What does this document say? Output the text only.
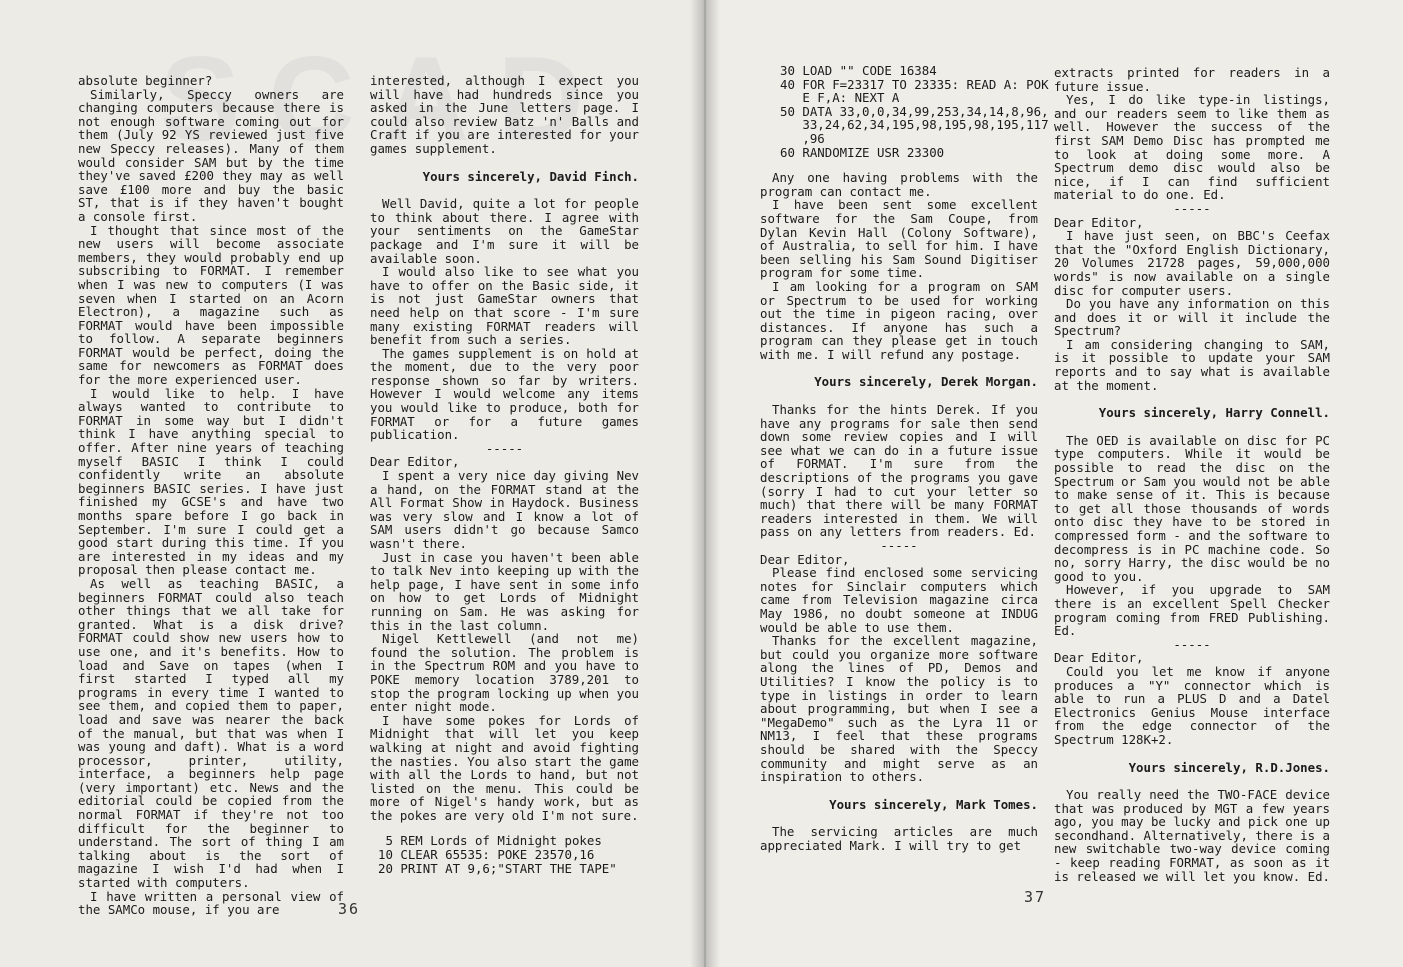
absolute beginner?

Similarly, Speccy owners are changing computers because there is not enough software coming out for them (July 92 YS reviewed just five new Speccy releases). Many of them would consider SAM but by the time they've saved £200 they may as well save £100 more and buy the basic ST, that is if they haven't bought a console first.

I thought that since most of the new users will become associate members, they would probably end up subscribing to FORMAT. I remember when I was new to computers (I was seven when I started on an Acorn Electron), a magazine such as FORMAT would have been impossible to follow. A separate beginners FORMAT would be perfect, doing the same for newcomers as FORMAT does for the more experienced user.

I would like to help. I have always wanted to contribute to FORMAT in some way but I didn't think I have anything special to offer. After nine years of teaching myself BASIC I think I could confidently write an absolute beginners BASIC series. I have just finished my GCSE's and have two months spare before I go back in September. I'm sure I could get a good start during this time. If you are interested in my ideas and my proposal then please contact me.

As well as teaching BASIC, a beginners FORMAT could also teach other things that we all take for granted. What is a disk drive? FORMAT could show new users how to use one, and it's benefits. How to load and Save on tapes (when I first started I typed all my programs in every time I wanted to see them, and copied them to paper, load and save was nearer the back of the manual, but that was when I was young and daft). What is a word processor, printer, utility, interface, a beginners help page (very important) etc. News and the editorial could be copied from the normal FORMAT if they're not too difficult for the beginner to understand. The sort of thing I am talking about is the sort of magazine I wish I'd had when I started with computers.

I have written a personal view of the SAMCo mouse, if you are

interested, although I expect you will have had hundreds since you asked in the June letters page. I could also review Batz 'n' Balls and Craft if you are interested for your games supplement.

Yours sincerely, David Finch.

Well David, quite a lot for people to think about there. I agree with your sentiments on the GameStar package and I'm sure it will be available soon.

I would also like to see what you have to offer on the Basic side, it is not just GameStar owners that need help on that score - I'm sure many existing FORMAT readers will benefit from such a series.

The games supplement is on hold at the moment, due to the very poor response shown so far by writers. However I would welcome any items you would like to produce, both for FORMAT or for a future games publication.

-----

Dear Editor,

I spent a very nice day giving Nev a hand, on the FORMAT stand at the All Format Show in Haydock. Business was very slow and I know a lot of SAM users didn't go because Samco wasn't there.

Just in case you haven't been able to talk Nev into keeping up with the help page, I have sent in some info on how to get Lords of Midnight running on Sam. He was asking for this in the last column.

Nigel Kettlewell (and not me) found the solution. The problem is in the Spectrum ROM and you have to POKE memory location 3789,201 to stop the program locking up when you enter night mode.

I have some pokes for Lords of Midnight that will let you keep walking at night and avoid fighting the nasties. You also start the game with all the Lords to hand, but not listed on the menu. This could be more of Nigel's handy work, but as the pokes are very old I'm not sure.

5 REM Lords of Midnight pokes
10 CLEAR 65535: POKE 23570,16
20 PRINT AT 9,6;"START THE TAPE"

36

30 LOAD "" CODE 16384
40 FOR F=23317 TO 23335: READ A: POK
E F,A: NEXT A
50 DATA 33,0,0,34,99,253,34,14,8,96,
33,24,62,34,195,98,195,98,195,117
,96
60 RANDOMIZE USR 23300

Any one having problems with the program can contact me.

I have been sent some excellent software for the Sam Coupe, from Dylan Kevin Hall (Colony Software), of Australia, to sell for him. I have been selling his Sam Sound Digitiser program for some time.

I am looking for a program on SAM or Spectrum to be used for working out the time in pigeon racing, over distances. If anyone has such a program can they please get in touch with me. I will refund any postage.

Yours sincerely, Derek Morgan.

Thanks for the hints Derek. If you have any programs for sale then send down some review copies and I will see what we can do in a future issue of FORMAT. I'm sure from the descriptions of the programs you gave (sorry I had to cut your letter so much) that there will be many FORMAT readers interested in them. We will pass on any letters from readers. Ed.

-----

Dear Editor,

Please find enclosed some servicing notes for Sinclair computers which came from Television magazine circa May 1986, no doubt someone at INDUG would be able to use them.

Thanks for the excellent magazine, but could you organize more software along the lines of PD, Demos and Utilities? I know the policy is to type in listings in order to learn about programming, but when I see a "MegaDemo" such as the Lyra 11 or NM13, I feel that these programs should be shared with the Speccy community and might serve as an inspiration to others.

Yours sincerely, Mark Tomes.

The servicing articles are much appreciated Mark. I will try to get

extracts printed for readers in a future issue.

Yes, I do like type-in listings, and our readers seem to like them as well. However the success of the first SAM Demo Disc has prompted me to look at doing some more. A Spectrum demo disc would also be nice, if I can find sufficient material to do one. Ed.

-----

Dear Editor,

I have just seen, on BBC's Ceefax that the "Oxford English Dictionary, 20 Volumes 21728 pages, 59,000,000 words" is now available on a single disc for computer users.

Do you have any information on this and does it or will it include the Spectrum?

I am considering changing to SAM, is it possible to update your SAM reports and to say what is available at the moment.

Yours sincerely, Harry Connell.

The OED is available on disc for PC type computers. While it would be possible to read the disc on the Spectrum or Sam you would not be able to make sense of it. This is because to get all those thousands of words onto disc they have to be stored in compressed form - and the software to decompress is in PC machine code. So no, sorry Harry, the disc would be no good to you.

However, if you upgrade to SAM there is an excellent Spell Checker program coming from FRED Publishing. Ed.

-----

Dear Editor,

Could you let me know if anyone produces a "Y" connector which is able to run a PLUS D and a Datel Electronics Genius Mouse interface from the edge connector of the Spectrum 128K+2.

Yours sincerely, R.D.Jones.

You really need the TWO-FACE device that was produced by MGT a few years ago, you may be lucky and pick one up secondhand. Alternatively, there is a new switchable two-way device coming - keep reading FORMAT, as soon as it is released we will let you know. Ed.

37
